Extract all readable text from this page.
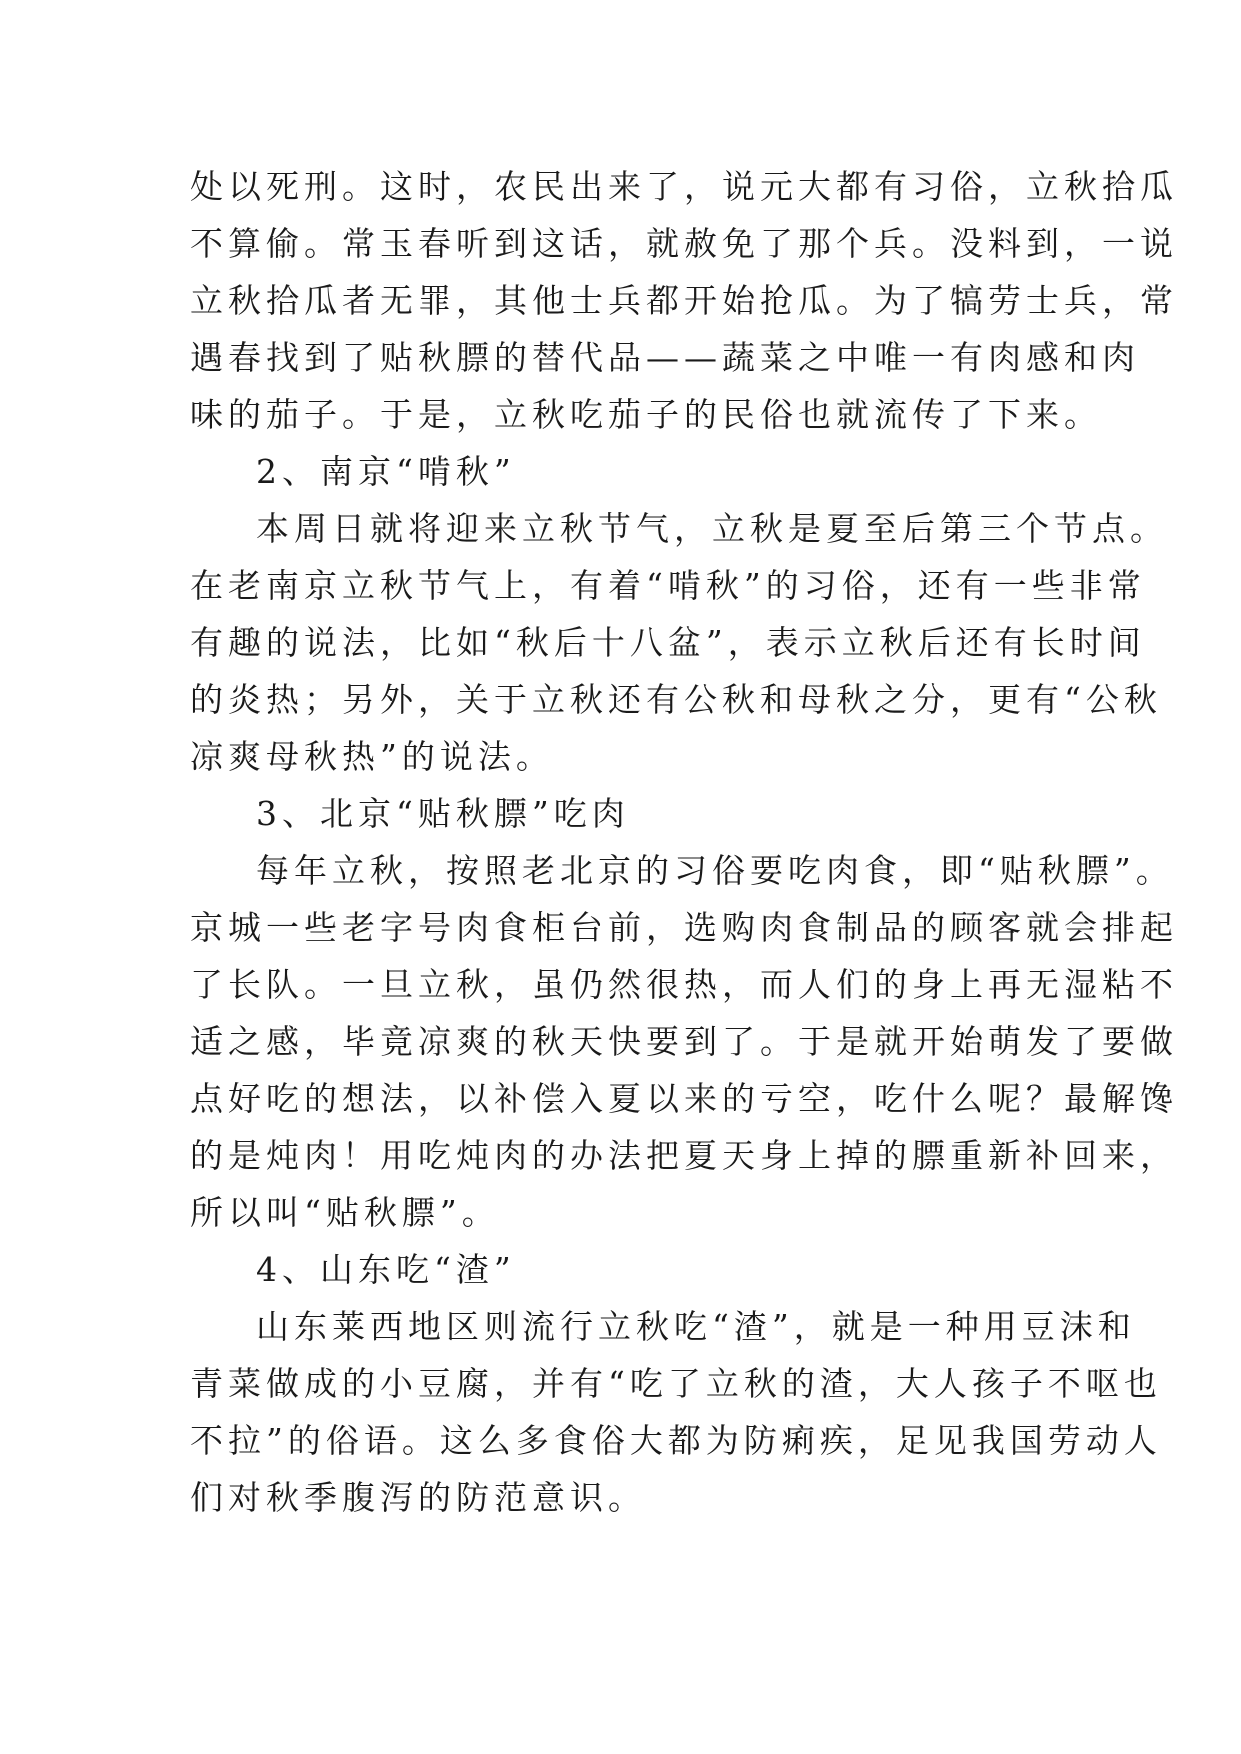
处以死刑。这时，农民出来了，说元大都有习俗，立秋拾瓜
不算偷。常玉春听到这话，就赦免了那个兵。没料到，一说
立秋拾瓜者无罪，其他士兵都开始抢瓜。为了犒劳士兵，常
遇春找到了贴秋膘的替代品——蔬菜之中唯一有肉感和肉
味的茄子。于是，立秋吃茄子的民俗也就流传了下来。
2、南京“啃秋”
本周日就将迎来立秋节气，立秋是夏至后第三个节点。
在老南京立秋节气上，有着“啃秋”的习俗，还有一些非常
有趣的说法，比如“秋后十八盆”，表示立秋后还有长时间
的炎热；另外，关于立秋还有公秋和母秋之分，更有“公秋
凉爽母秋热”的说法。
3、北京“贴秋膘”吃肉
每年立秋，按照老北京的习俗要吃肉食，即“贴秋膘”。
京城一些老字号肉食柜台前，选购肉食制品的顾客就会排起
了长队。一旦立秋，虽仍然很热，而人们的身上再无湿粘不
适之感，毕竟凉爽的秋天快要到了。于是就开始萌发了要做
点好吃的想法，以补偿入夏以来的亏空，吃什么呢？最解馋
的是炖肉！用吃炖肉的办法把夏天身上掉的膘重新补回来，
所以叫“贴秋膘”。
4、山东吃“渣”
山东莱西地区则流行立秋吃“渣”，就是一种用豆沫和
青菜做成的小豆腐，并有“吃了立秋的渣，大人孩子不呕也
不拉”的俗语。这么多食俗大都为防痢疾，足见我国劳动人
们对秋季腹泻的防范意识。
